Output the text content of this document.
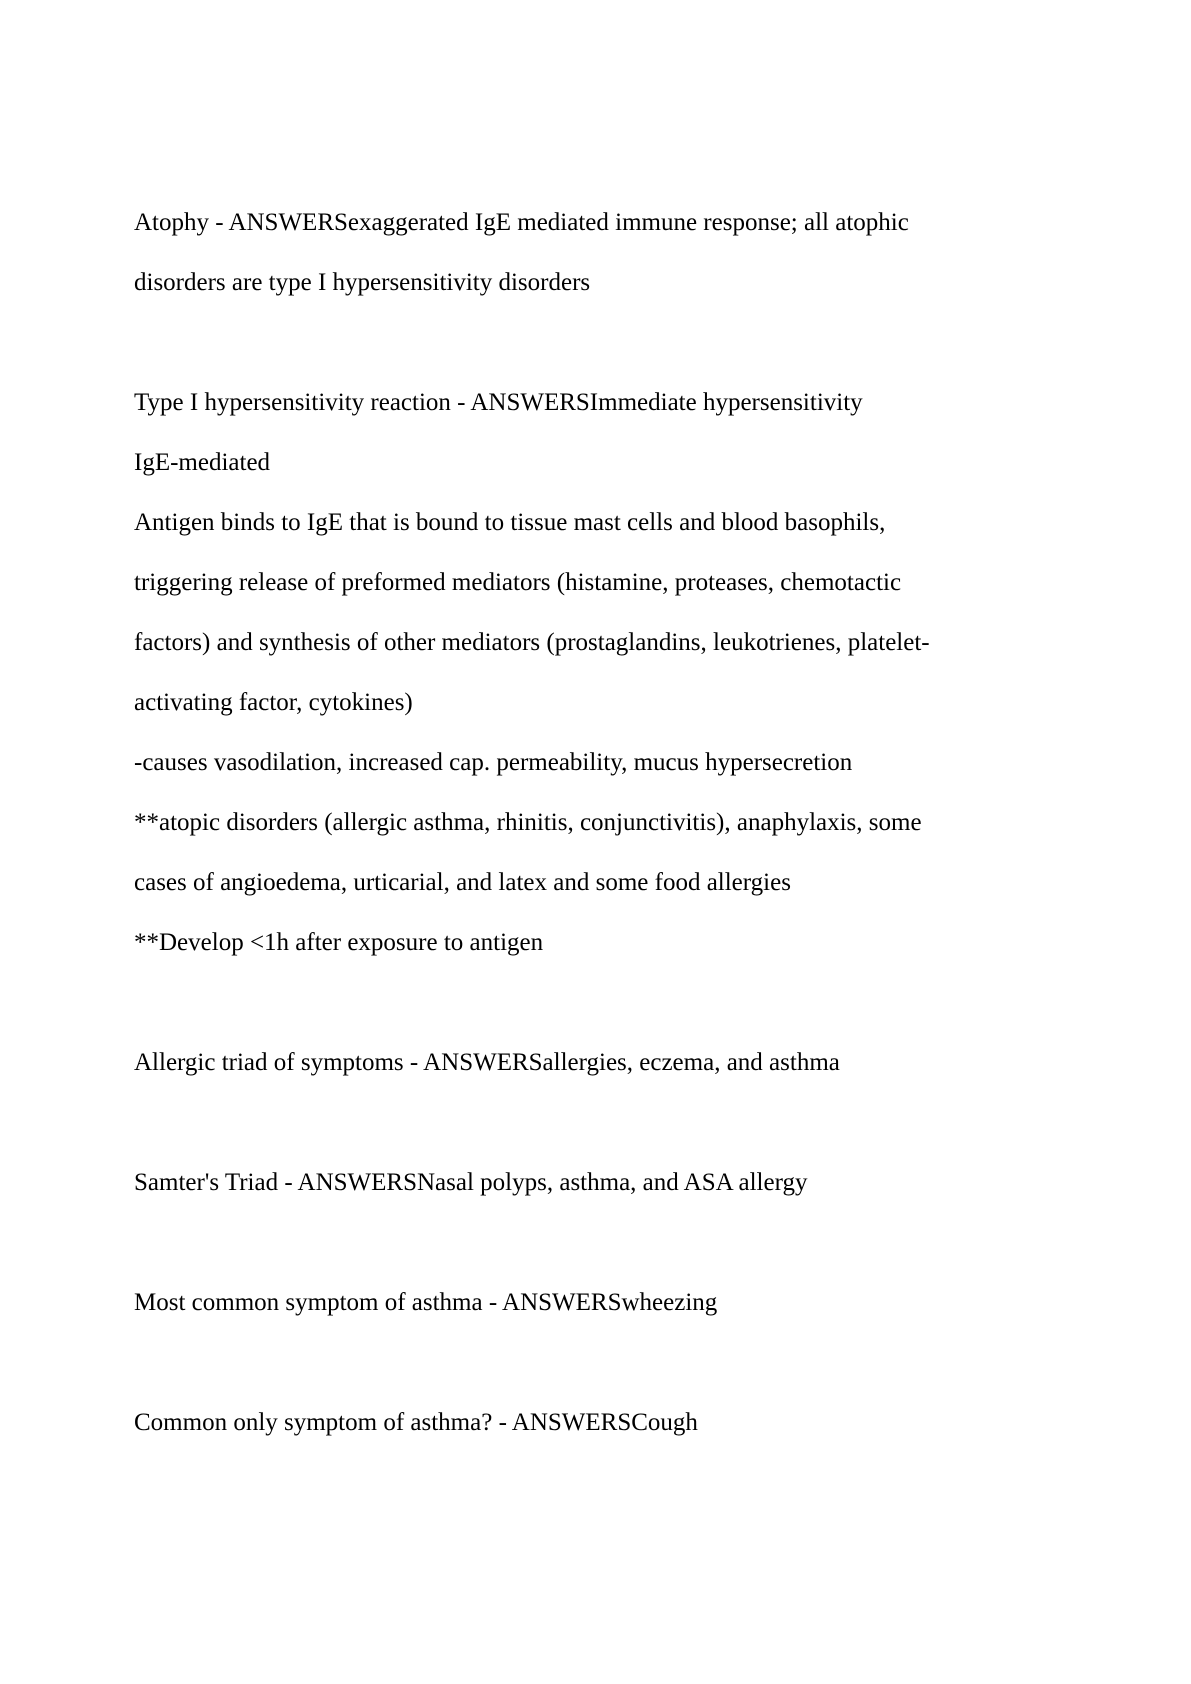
Atophy - ANSWERSexaggerated IgE mediated immune response; all atophic
disorders are type I hypersensitivity disorders
Type I hypersensitivity reaction - ANSWERSImmediate hypersensitivity
IgE-mediated
Antigen binds to IgE that is bound to tissue mast cells and blood basophils,
triggering release of preformed mediators (histamine, proteases, chemotactic
factors) and synthesis of other mediators (prostaglandins, leukotrienes, platelet-
activating factor, cytokines)
-causes vasodilation, increased cap. permeability, mucus hypersecretion
**atopic disorders (allergic asthma, rhinitis, conjunctivitis), anaphylaxis, some
cases of angioedema, urticarial, and latex and some food allergies
**Develop <1h after exposure to antigen
Allergic triad of symptoms - ANSWERSallergies, eczema, and asthma
Samter's Triad - ANSWERSNasal polyps, asthma, and ASA allergy
Most common symptom of asthma - ANSWERSwheezing
Common only symptom of asthma? - ANSWERSCough
